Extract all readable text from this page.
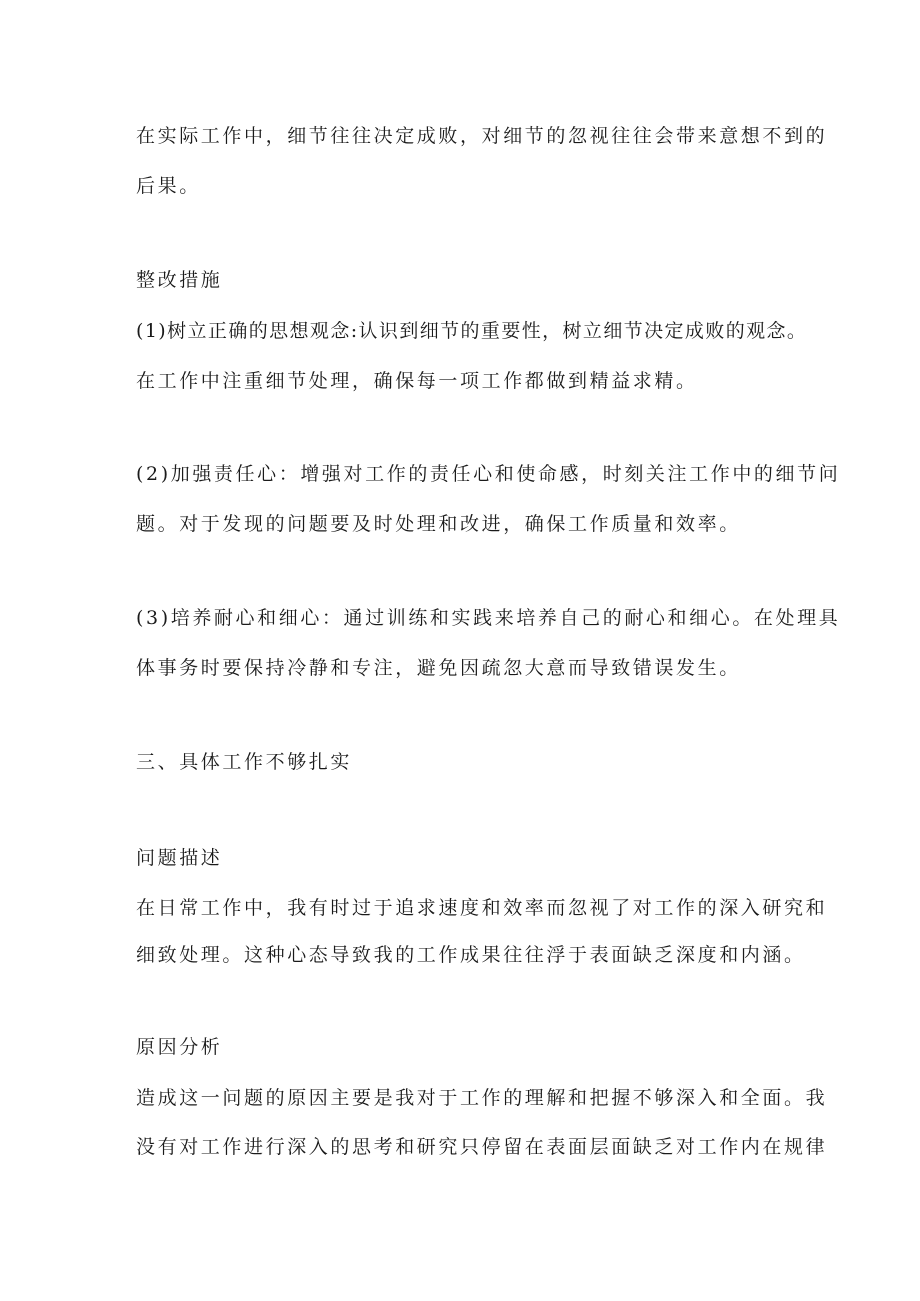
在实际工作中，细节往往决定成败，对细节的忽视往往会带来意想不到的
后果。
整改措施
(1)树立正确的思想观念:认识到细节的重要性，树立细节决定成败的观念。
在工作中注重细节处理，确保每一项工作都做到精益求精。
(2)加强责任心：增强对工作的责任心和使命感，时刻关注工作中的细节问
题。对于发现的问题要及时处理和改进，确保工作质量和效率。
(3)培养耐心和细心：通过训练和实践来培养自己的耐心和细心。在处理具
体事务时要保持冷静和专注，避免因疏忽大意而导致错误发生。
三、具体工作不够扎实
问题描述
在日常工作中，我有时过于追求速度和效率而忽视了对工作的深入研究和
细致处理。这种心态导致我的工作成果往往浮于表面缺乏深度和内涵。
原因分析
造成这一问题的原因主要是我对于工作的理解和把握不够深入和全面。我
没有对工作进行深入的思考和研究只停留在表面层面缺乏对工作内在规律
